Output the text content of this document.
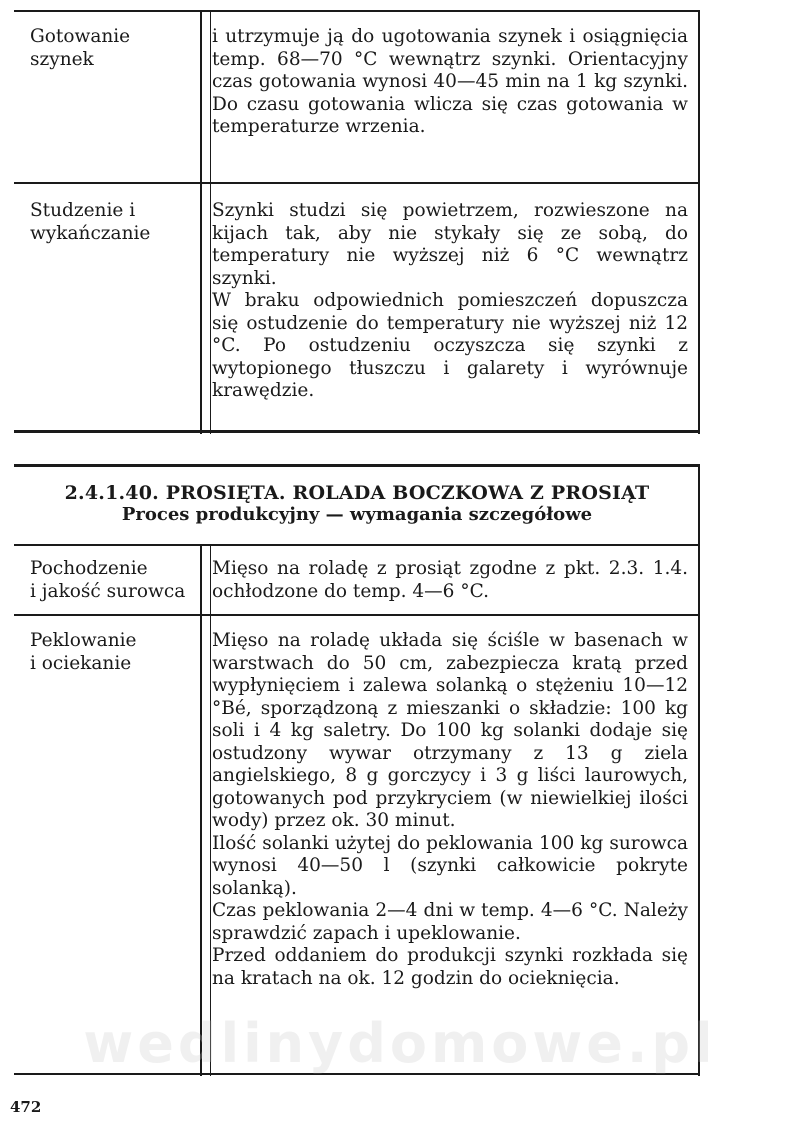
Gotowanie
szynek

i utrzymuje ją do ugotowania szynek i osiągnięcia temp. 68—70 °C wewnątrz szynki. Orientacyjny czas gotowania wynosi 40—45 min na 1 kg szynki. Do czasu gotowania wlicza się czas gotowania w temperaturze wrzenia.

Studzenie i wykańczanie

Szynki studzi się powietrzem, rozwieszone na kijach tak, aby nie stykały się ze sobą, do temperatury nie wyższej niż 6 °C wewnątrz szynki.

W braku odpowiednich pomieszczeń dopuszcza się ostudzenie do temperatury nie wyższej niż 12 °C. Po ostudzeniu oczyszcza się szynki z wytopionego tłuszczu i galarety i wyrównuje krawędzie.

2.4.1.40. PROSIĘTA. ROLADA BOCZKOWA Z PROSIĄT
Proces produkcyjny — wymagania szczegółowe
Pochodzenie
i jakość surowca

Mięso na roladę z prosiąt zgodne z pkt. 2.3. 1.4. ochłodzone do temp. 4—6 °C.

Peklowanie
i ociekanie

Mięso na roladę układa się ściśle w basenach w warstwach do 50 cm, zabezpiecza kratą przed wypłynięciem i zalewa solanką o stężeniu 10—12 °Bé, sporządzoną z mieszanki o składzie: 100 kg soli i 4 kg saletry. Do 100 kg solanki dodaje się ostudzony wywar otrzymany z 13 g ziela angielskiego, 8 g gorczycy i 3 g liści laurowych, gotowanych pod przykryciem (w niewielkiej ilości wody) przez ok. 30 minut.

Ilość solanki użytej do peklowania 100 kg surowca wynosi 40—50 l (szynki całkowicie pokryte solanką).

Czas peklowania 2—4 dni w temp. 4—6 °C. Należy sprawdzić zapach i upeklowanie.

Przed oddaniem do produkcji szynki rozkłada się na kratach na ok. 12 godzin do ocieknięcia.

wedlinydomowe.pl
472
